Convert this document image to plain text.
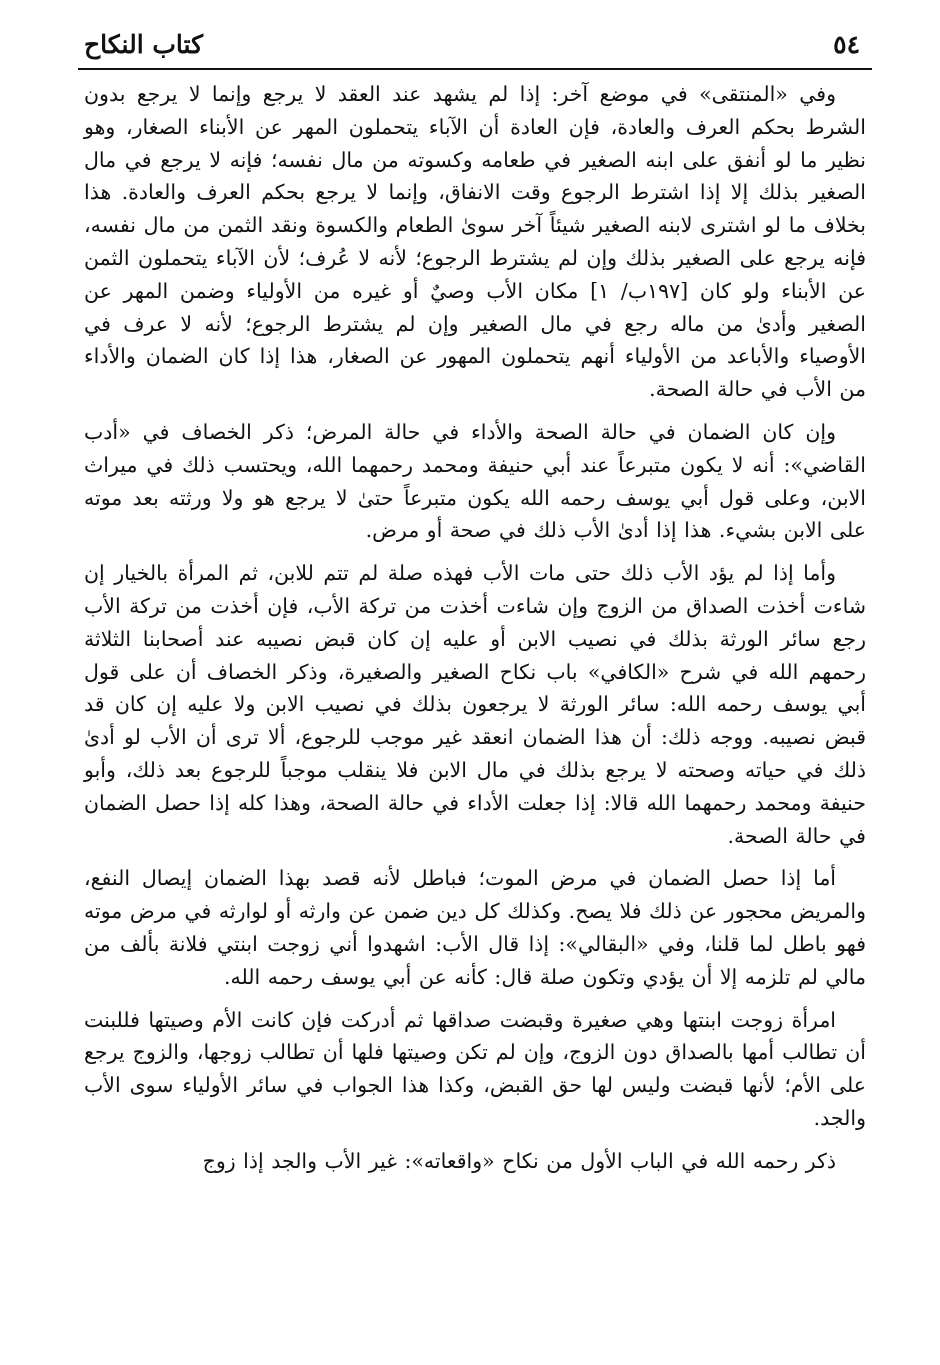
٥٤
كتاب النكاح

وفي «المنتقى» في موضع آخر: إذا لم يشهد عند العقد لا يرجع وإنما لا يرجع بدون الشرط بحكم العرف والعادة، فإن العادة أن الآباء يتحملون المهر عن الأبناء الصغار، وهو نظير ما لو أنفق على ابنه الصغير في طعامه وكسوته من مال نفسه؛ فإنه لا يرجع في مال الصغير بذلك إلا إذا اشترط الرجوع وقت الانفاق، وإنما لا يرجع بحكم العرف والعادة. هذا بخلاف ما لو اشترى لابنه الصغير شيئاً آخر سوىٰ الطعام والكسوة ونقد الثمن من مال نفسه، فإنه يرجع على الصغير بذلك وإن لم يشترط الرجوع؛ لأنه لا عُرف؛ لأن الآباء يتحملون الثمن عن الأبناء ولو كان [١٩٧ب/ ١] مكان الأب وصيٌ أو غيره من الأولياء وضمن المهر عن الصغير وأدىٰ من ماله رجع في مال الصغير وإن لم يشترط الرجوع؛ لأنه لا عرف في الأوصياء والأباعد من الأولياء أنهم يتحملون المهور عن الصغار، هذا إذا كان الضمان والأداء من الأب في حالة الصحة.

وإن كان الضمان في حالة الصحة والأداء في حالة المرض؛ ذكر الخصاف في «أدب القاضي»: أنه لا يكون متبرعاً عند أبي حنيفة ومحمد رحمهما الله، ويحتسب ذلك في ميراث الابن، وعلى قول أبي يوسف رحمه الله يكون متبرعاً حتىٰ لا يرجع هو ولا ورثته بعد موته على الابن بشيء. هذا إذا أدىٰ الأب ذلك في صحة أو مرض.

وأما إذا لم يؤد الأب ذلك حتى مات الأب فهذه صلة لم تتم للابن، ثم المرأة بالخيار إن شاءت أخذت الصداق من الزوج وإن شاءت أخذت من تركة الأب، فإن أخذت من تركة الأب رجع سائر الورثة بذلك في نصيب الابن أو عليه إن كان قبض نصيبه عند أصحابنا الثلاثة رحمهم الله في شرح «الكافي» باب نكاح الصغير والصغيرة، وذكر الخصاف أن على قول أبي يوسف رحمه الله: سائر الورثة لا يرجعون بذلك في نصيب الابن ولا عليه إن كان قد قبض نصيبه. ووجه ذلك: أن هذا الضمان انعقد غير موجب للرجوع، ألا ترى أن الأب لو أدىٰ ذلك في حياته وصحته لا يرجع بذلك في مال الابن فلا ينقلب موجباً للرجوع بعد ذلك، وأبو حنيفة ومحمد رحمهما الله قالا: إذا جعلت الأداء في حالة الصحة، وهذا كله إذا حصل الضمان في حالة الصحة.

أما إذا حصل الضمان في مرض الموت؛ فباطل لأنه قصد بهذا الضمان إيصال النفع، والمريض محجور عن ذلك فلا يصح. وكذلك كل دين ضمن عن وارثه أو لوارثه في مرض موته فهو باطل لما قلنا، وفي «البقالي»: إذا قال الأب: اشهدوا أني زوجت ابنتي فلانة بألف من مالي لم تلزمه إلا أن يؤدي وتكون صلة قال: كأنه عن أبي يوسف رحمه الله.

امرأة زوجت ابنتها وهي صغيرة وقبضت صداقها ثم أدركت فإن كانت الأم وصيتها فللبنت أن تطالب أمها بالصداق دون الزوج، وإن لم تكن وصيتها فلها أن تطالب زوجها، والزوج يرجع على الأم؛ لأنها قبضت وليس لها حق القبض، وكذا هذا الجواب في سائر الأولياء سوى الأب والجد.

ذكر رحمه الله في الباب الأول من نكاح «واقعاته»: غير الأب والجد إذا زوج
